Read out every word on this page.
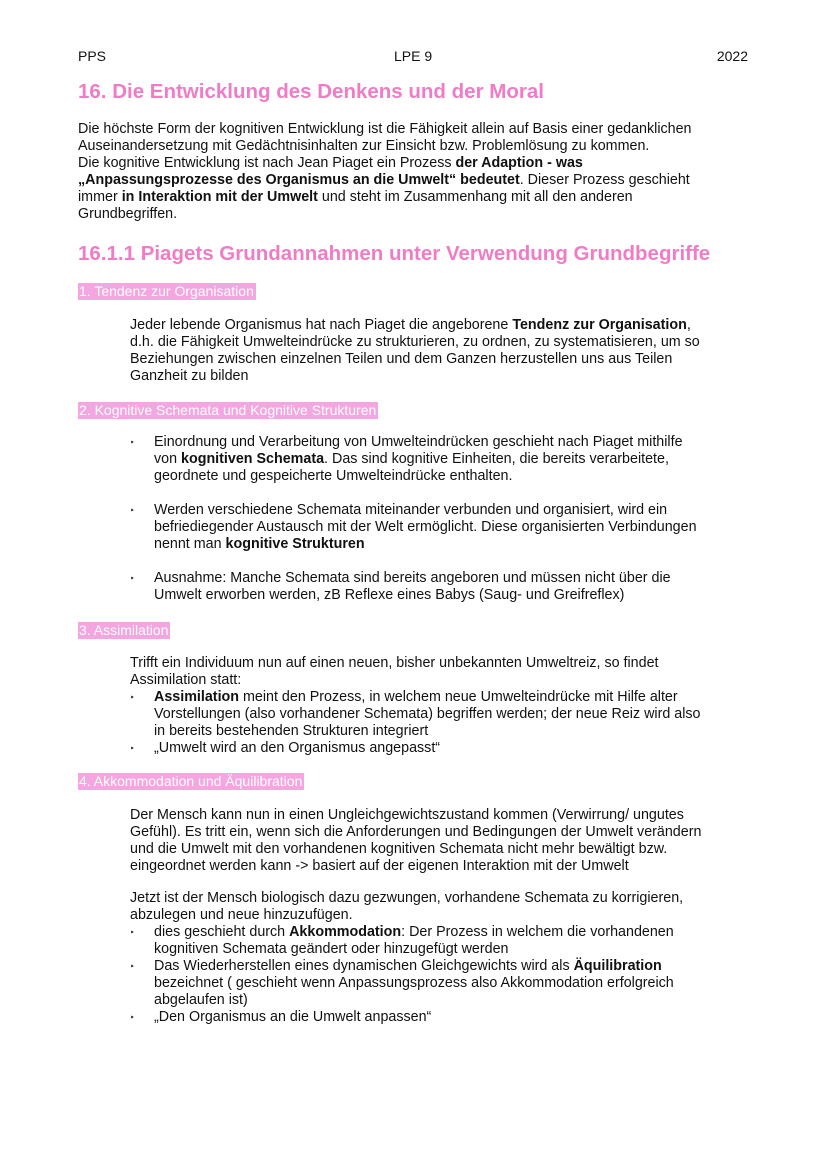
PPS	LPE 9	2022
16. Die Entwicklung des Denkens und der Moral

Die höchste Form der kognitiven Entwicklung ist die Fähigkeit allein auf Basis einer gedanklichen
Auseinandersetzung mit Gedächtnisinhalten zur Einsicht bzw. Problemlösung zu kommen.
Die kognitive Entwicklung ist nach Jean Piaget ein Prozess der Adaption - was
„Anpassungsprozesse des Organismus an die Umwelt“ bedeutet. Dieser Prozess geschieht
immer in Interaktion mit der Umwelt und steht im Zusammenhang mit all den anderen
Grundbegriffen.

16.1.1 Piagets Grundannahmen unter Verwendung Grundbegriffe
1. Tendenz zur Organisation

Jeder lebende Organismus hat nach Piaget die angeborene Tendenz zur Organisation,
d.h. die Fähigkeit Umwelteindrücke zu strukturieren, zu ordnen, zu systematisieren, um so
Beziehungen zwischen einzelnen Teilen und dem Ganzen herzustellen uns aus Teilen
Ganzheit zu bilden

2. Kognitive Schemata und Kognitive Strukturen
‣ Einordnung und Verarbeitung von Umwelteindrücken geschieht nach Piaget mithilfe
von kognitiven Schemata. Das sind kognitive Einheiten, die bereits verarbeitete,
geordnete und gespeicherte Umwelteindrücke enthalten.
‣ Werden verschiedene Schemata miteinander verbunden und organisiert, wird ein
befriediegender Austausch mit der Welt ermöglicht. Diese organisierten Verbindungen
nennt man kognitive Strukturen
‣ Ausnahme: Manche Schemata sind bereits angeboren und müssen nicht über die
Umwelt erworben werden, zB Reflexe eines Babys (Saug- und Greifreflex)
3. Assimilation

Trifft ein Individuum nun auf einen neuen, bisher unbekannten Umweltreiz, so findet
Assimilation statt:

‣ Assimilation meint den Prozess, in welchem neue Umwelteindrücke mit Hilfe alter
Vorstellungen (also vorhandener Schemata) begriffen werden; der neue Reiz wird also
in bereits bestehenden Strukturen integriert
‣ „Umwelt wird an den Organismus angepasst“
4. Akkommodation und Äquilibration

Der Mensch kann nun in einen Ungleichgewichtszustand kommen (Verwirrung/ ungutes
Gefühl). Es tritt ein, wenn sich die Anforderungen und Bedingungen der Umwelt verändern
und die Umwelt mit den vorhandenen kognitiven Schemata nicht mehr bewältigt bzw.
eingeordnet werden kann -> basiert auf der eigenen Interaktion mit der Umwelt

Jetzt ist der Mensch biologisch dazu gezwungen, vorhandene Schemata zu korrigieren,
abzulegen und neue hinzuzufügen.

‣ dies geschieht durch Akkommodation: Der Prozess in welchem die vorhandenen
kognitiven Schemata geändert oder hinzugefügt werden
‣ Das Wiederherstellen eines dynamischen Gleichgewichts wird als Äquilibration
bezeichnet ( geschieht wenn Anpassungsprozess also Akkommodation erfolgreich
abgelaufen ist)
‣ „Den Organismus an die Umwelt anpassen“
